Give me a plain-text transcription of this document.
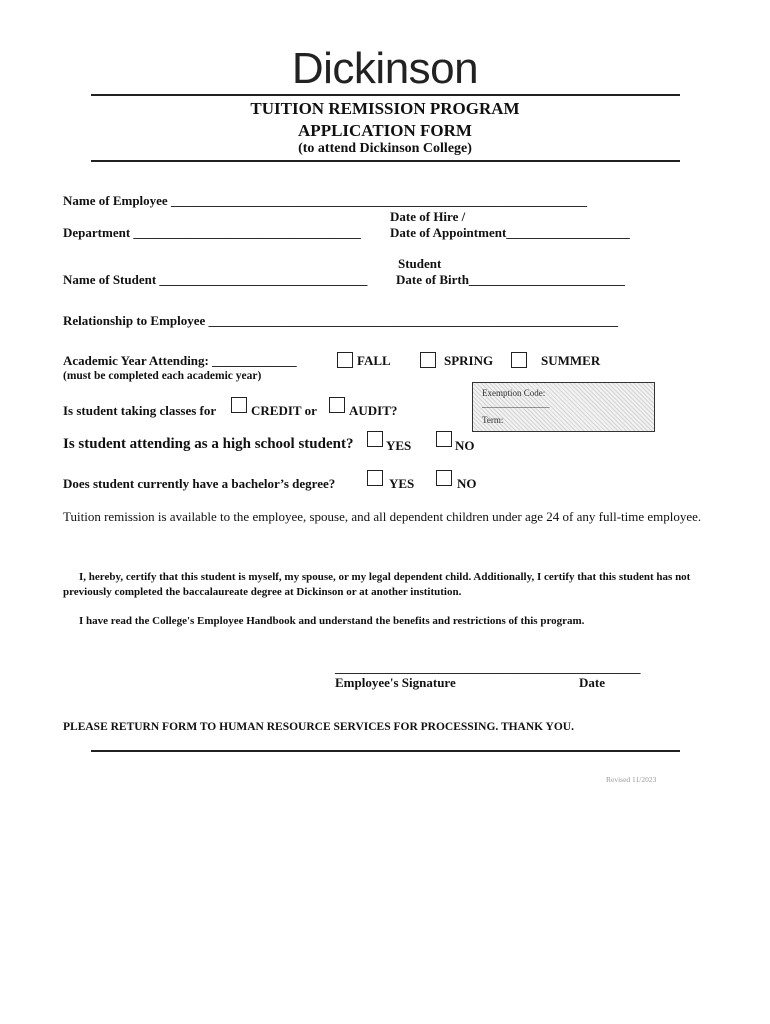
Dickinson
TUITION REMISSION PROGRAM
APPLICATION FORM
(to attend Dickinson College)
Name of Employee ________________________________________________________________
Date of Hire /
Department ___________________________________ Date of Appointment___________________
Student
Name of Student ________________________________ Date of Birth________________________
Relationship to Employee _______________________________________________________________
Academic Year Attending: _____________	FALL	SPRING	SUMMER
(must be completed each academic year)
Exemption Code:
_______________
Term:
Is student taking classes for	CREDIT or AUDIT?
Is student attending as a high school student?	YES	NO
Does student currently have a bachelor’s degree?	YES	NO
Tuition remission is available to the employee, spouse, and all dependent children under age 24 of any full-time employee.
I, hereby, certify that this student is myself, my spouse, or my legal dependent child. Additionally, I certify that this student has not previously completed the baccalaureate degree at Dickinson or at another institution.
I have read the College's Employee Handbook and understand the benefits and restrictions of this program.
_______________________________________________
Employee's Signature	Date
PLEASE RETURN FORM TO HUMAN RESOURCE SERVICES FOR PROCESSING. THANK YOU.
Revised 11/2023
